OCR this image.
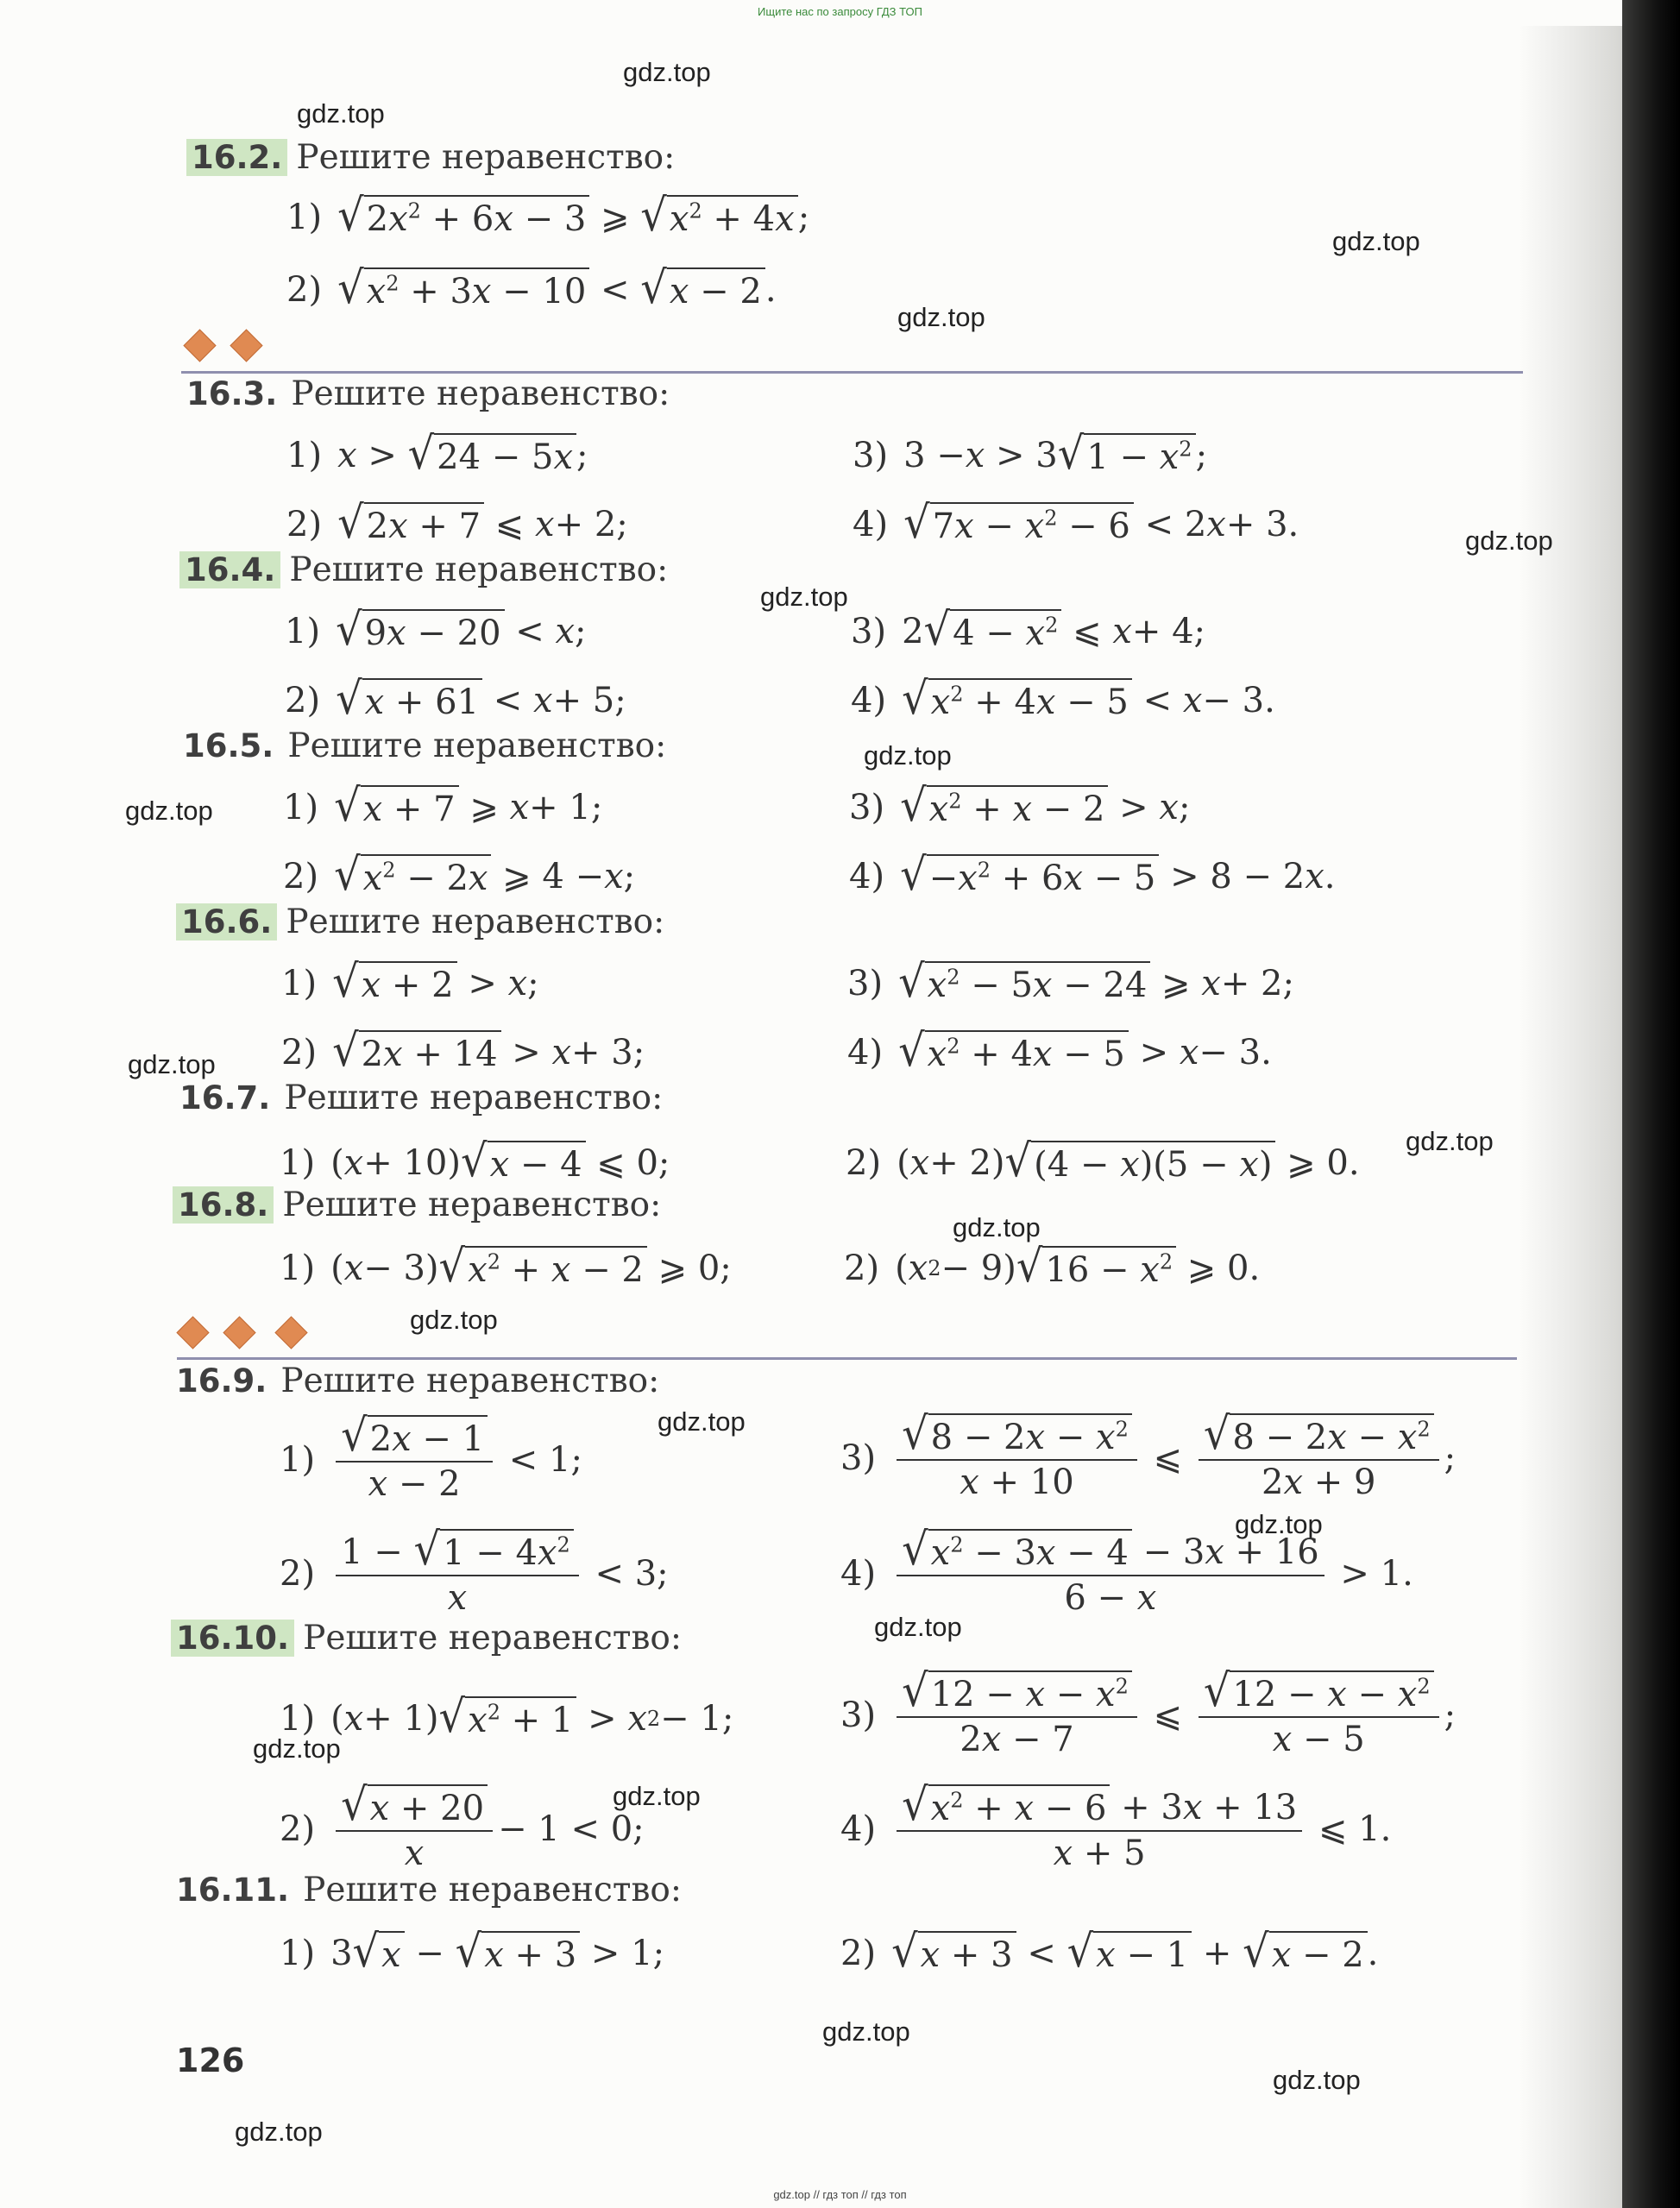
Ищите нас по запросу ГДЗ ТОП
gdz.top
gdz.top
gdz.top
gdz.top
gdz.top
gdz.top
gdz.top
gdz.top
gdz.top
gdz.top
gdz.top
gdz.top
gdz.top
gdz.top
gdz.top
gdz.top
gdz.top
gdz.top
gdz.top
gdz.top
16.2. Решите неравенство:
1) √ $2x^2 + 6x - 3$ ⩾ √ $x^2 + 4x$ ;
2) √ $x^2 + 3x - 10$ < √ x − 2 .
16.3. Решите неравенство:
1) x > √ 24 − 5x ;	3) 3 − x > 3 √ $1 - x^2$ ;
2) √ 2x + 7 ⩽ x + 2;	4) √ $7x - x^2 - 6 < 2$ x + 3.
16.4. Решите неравенство:
1) √ 9x − 20 < x ;	3) 2 √ $4 - x^2$ ⩽ x + 4;
2) √ x + 61 < x + 5;	4) √ $x^2 + 4x - 5 < x - 3$.
16.5. Решите неравенство:
1) √ x + 7 ⩾ x + 1;	3) √ $x^2 + x - 2 > x$ ;
2) √ $x^2 - 2x$ ⩾ 4 − x ;	4) √ $-x^2 + 6x - 5 > 8 - 2$ x .
16.6. Решите неравенство:
1) √ x + 2 > x ;	3) √ $x^2 - 5x - 24$ ⩾ x + 2;
2) √ 2x + 14 > x + 3;	4) √ $x^2 + 4x - 5 > x - 3$.
16.7. Решите неравенство:
1) ( x + 10) √ x − 4 ⩽ 0;	2) ( x + 2) √ (4 − x)(5 − x) ⩾ 0.
16.8. Решите неравенство:
1) ( x − 3) √ $x^2 + x - 2$ ⩾ 0;	2) ( x 2 − 9) √ $16 - x^2$ ⩾ 0.
16.9. Решите неравенство:
1) √ 2x − 1
x − 2
< 1;	3) √ $8 - 2x - x^2$
x + 10
⩽ √ $8 - 2x - x^2$
2x + 9
;
2)
1 − √ $1 - 4x^2$
x
< 3;	4) √ $x^2 - 3x - 4 - 3x + 16$
6 − x
> 1.
16.10. Решите неравенство:
1) ( x + 1) √ $x^2 + 1 > x$ 2 − 1;	3) √ $12 - x - x^2$
2x − 7
⩽ √ $12 - x - x^2$
x − 5
;
2) √ x + 20
x
− 1 < 0;	4) √ $x^2 + x - 6 + 3x + 13$
x + 5
⩽ 1.
16.11. Решите неравенство:
1) 3 √ x − √ x + 3 > 1;	2) √ x + 3 < √ x − 1 + √ x − 2 .
126
gdz.top // гдз топ // гдз топ
